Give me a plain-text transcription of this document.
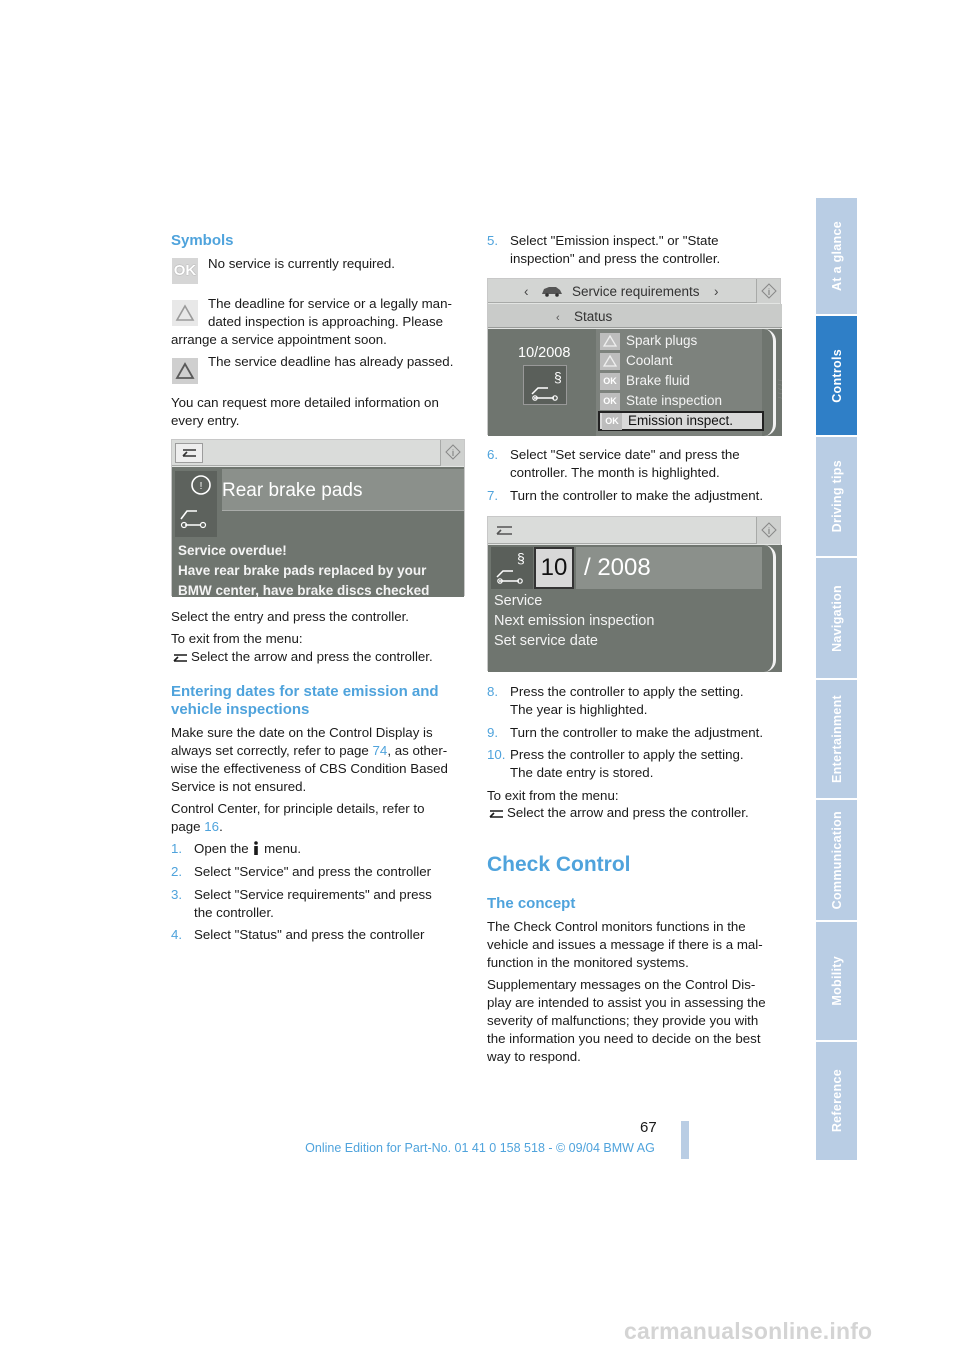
At a glance
Controls
Driving tips
Navigation
Entertainment
Communication
Mobility
Reference
Symbols
OK No service is currently required.
The deadline for service or a legally man-
dated inspection is approaching. Please
arrange a service appointment soon.
The service deadline has already passed.
You can request more detailed information on
every entry.
i
! Rear brake pads
Service overdue!
Have rear brake pads replaced by your
BMW center, have brake discs checked
Select the entry and press the controller.
To exit from the menu:
Select the arrow and press the controller.
Entering dates for state emission and
vehicle inspections
Make sure the date on the Control Display is
always set correctly, refer to page 74, as other-
wise the effectiveness of CBS Condition Based
Service is not ensured.
Control Center, for principle details, refer to
page 16.
1. Open the  menu.
2. Select "Service" and press the controller
3. Select "Service requirements" and press
the controller.
4. Select "Status" and press the controller
5. Select "Emission inspect." or "State
inspection" and press the controller.
‹	Service requirements ›	i
‹ Status
10/2008
§
Spark plugs
Coolant
OK Brake fluid
OK State inspection
OK Emission inspect.
/ / / / /
6. Select "Set service date" and press the
controller. The month is highlighted.
7. Turn the controller to make the adjustment.
i
§ 10 / 2008
Service
Next emission inspection
Set service date
8. Press the controller to apply the setting.
The year is highlighted.
9. Turn the controller to make the adjustment.
10. Press the controller to apply the setting.
The date entry is stored.
To exit from the menu:
Select the arrow and press the controller.
Check Control
The concept
The Check Control monitors functions in the
vehicle and issues a message if there is a mal-
function in the monitored systems.
Supplementary messages on the Control Dis-
play are intended to assist you in assessing the
severity of malfunctions; they provide you with
the information you need to decide on the best
way to respond.
67
Online Edition for Part-No. 01 41 0 158 518 - © 09/04 BMW AG
carmanualsonline.info
